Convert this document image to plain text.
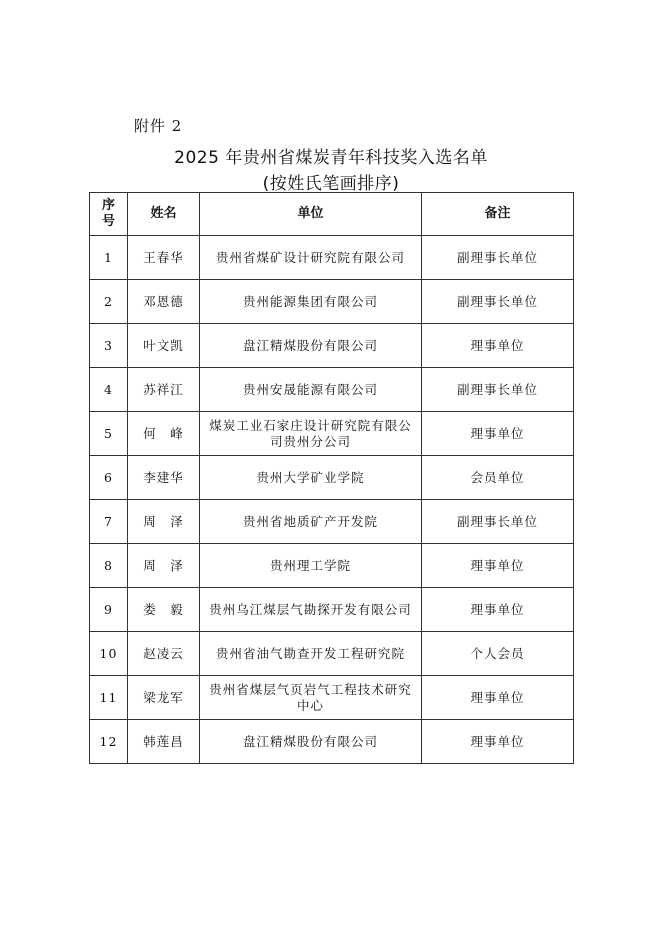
附件 2
2025 年贵州省煤炭青年科技奖入选名单
(按姓氏笔画排序)
序
号	姓名	单位	备注
1	王春华	贵州省煤矿设计研究院有限公司	副理事长单位
2	邓恩德	贵州能源集团有限公司	副理事长单位
3	叶文凯	盘江精煤股份有限公司	理事单位
4	苏祥江	贵州安晟能源有限公司	副理事长单位
5	何　峰	煤炭工业石家庄设计研究院有限公司贵州分公司	理事单位
6	李建华	贵州大学矿业学院	会员单位
7	周　泽	贵州省地质矿产开发院	副理事长单位
8	周　泽	贵州理工学院	理事单位
9	娄　毅	贵州乌江煤层气勘探开发有限公司	理事单位
10	赵凌云	贵州省油气勘查开发工程研究院	个人会员
11	梁龙军	贵州省煤层气页岩气工程技术研究中心	理事单位
12	韩莲昌	盘江精煤股份有限公司	理事单位
